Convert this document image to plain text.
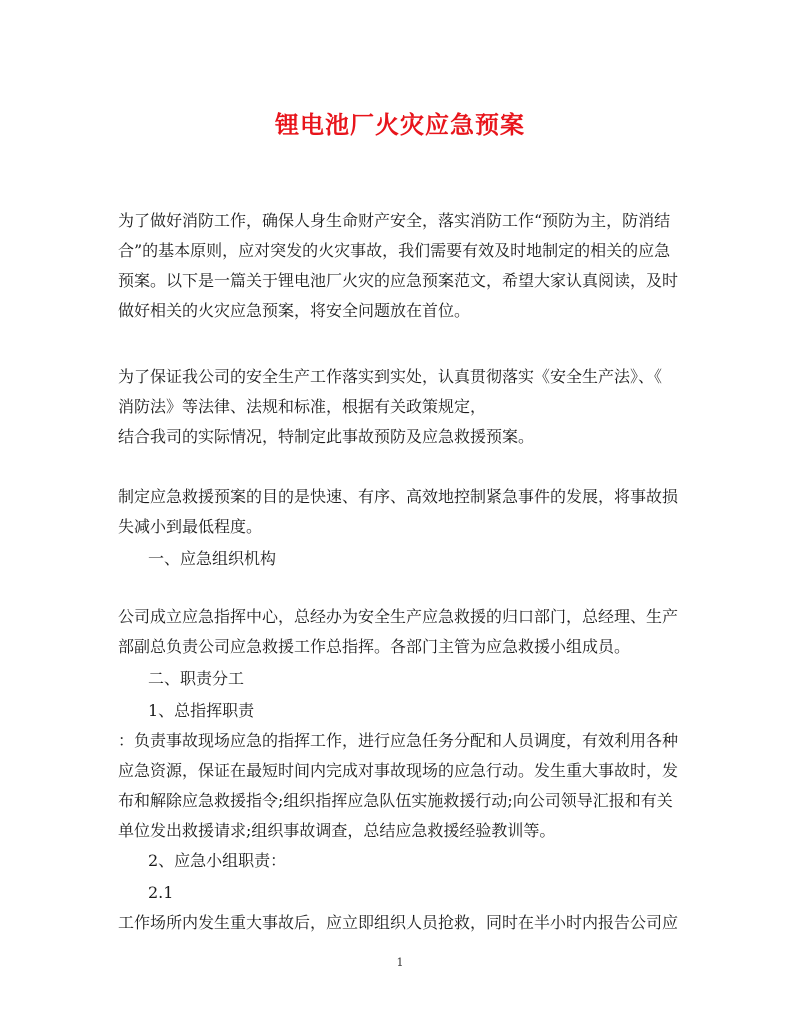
锂电池厂火灾应急预案
为了做好消防工作，确保人身生命财产安全，落实消防工作“预防为主，防消结
合”的基本原则，应对突发的火灾事故，我们需要有效及时地制定的相关的应急
预案。以下是一篇关于锂电池厂火灾的应急预案范文，希望大家认真阅读，及时
做好相关的火灾应急预案，将安全问题放在首位。
为了保证我公司的安全生产工作落实到实处，认真贯彻落实《安全生产法》、《
消防法》等法律、法规和标准，根据有关政策规定，
结合我司的实际情况，特制定此事故预防及应急救援预案。
制定应急救援预案的目的是快速、有序、高效地控制紧急事件的发展，将事故损
失减小到最低程度。
一、应急组织机构
公司成立应急指挥中心，总经办为安全生产应急救援的归口部门，总经理、生产
部副总负责公司应急救援工作总指挥。各部门主管为应急救援小组成员。
二、职责分工
1、总指挥职责
：负责事故现场应急的指挥工作，进行应急任务分配和人员调度，有效利用各种
应急资源，保证在最短时间内完成对事故现场的应急行动。发生重大事故时，发
布和解除应急救援指令;组织指挥应急队伍实施救援行动;向公司领导汇报和有关
单位发出救援请求;组织事故调查，总结应急救援经验教训等。
2、应急小组职责：
2.1
工作场所内发生重大事故后，应立即组织人员抢救，同时在半小时内报告公司应
1
